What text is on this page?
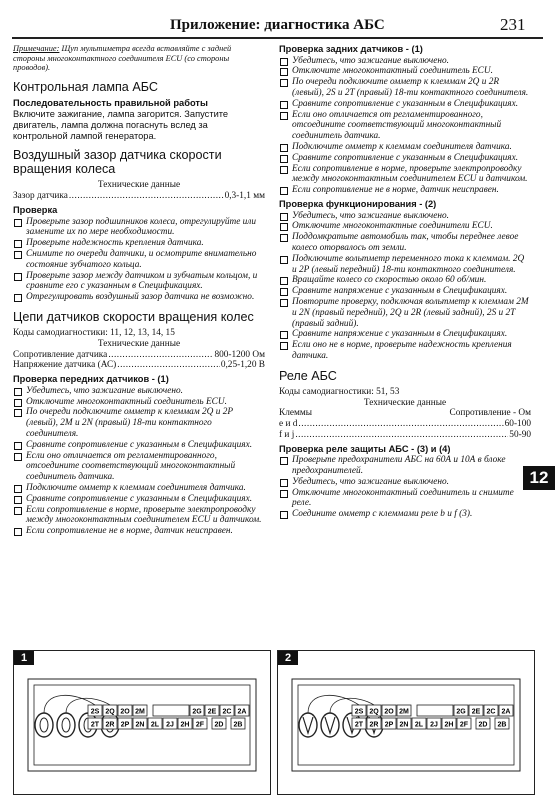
Приложение: диагностика АБС	231
Примечание: Щуп мультиметра всегда вставляйте с задней стороны многоконтактного соединителя ECU (со стороны проводов).
Контрольная лампа АБС
Последовательность правильной работы

Включите зажигание, лампа загорится. Запустите двигатель, лампа должна погаснуть вслед за контрольной лампой генератора.

Воздушный зазор датчика скорости вращения колеса
Технические данные
Зазор датчика .....	0,3-1,1 мм
Проверка
Проверьте зазор подшипников колеса, отрегулируйте или замените их по мере необходимости.
Проверьте надежность крепления датчика.
Снимите по очереди датчики, и осмотрите внимательно состояние зубчатого кольца.
Проверьте зазор между датчиком и зубчатым кольцом, и сравните его с указанным в Спецификациях.
Отрегулировать воздушный зазор датчика не возможно.
Цепи датчиков скорости вращения колес
Коды самодиагностики: 11, 12, 13, 14, 15
Технические данные
Сопротивление датчика .....	800-1200 Ом
Напряжение датчика (АС) .....	0,25-1,20 В
Проверка передних датчиков - (1)
Убедитесь, что зажигание выключено.
Отключите многоконтактный соединитель ECU.
По очереди подключите омметр к клеммам 2Q и 2P (левый), 2M и 2N (правый) 18-ти контактного соединителя.
Сравните сопротивление с указанным в Спецификациях.
Если оно отличается от регламентированного, отсоедините соответствующий многоконтактный соединитель датчика.
Подключите омметр к клеммам соединителя датчика.
Сравните сопротивление с указанным в Спецификациях.
Если сопротивление в норме, проверьте электропроводку между многоконтактным соединителем ECU и датчиком.
Если сопротивление не в норме, датчик неисправен.
Проверка задних датчиков - (1)
Убедитесь, что зажигание выключено.
Отключите многоконтактный соединитель ECU.
По очереди подключите омметр к клеммам 2Q и 2R (левый), 2S и 2T (правый) 18-ти контактного соединителя.
Сравните сопротивление с указанным в Спецификациях.
Если оно отличается от регламентированного, отсоедините соответствующий многоконтактный соединитель датчика.
Подключите омметр к клеммам соединителя датчика.
Сравните сопротивление с указанным в Спецификациях.
Если сопротивление в норме, проверьте электропроводку между многоконтактным соединителем ECU и датчиком.
Если сопротивление не в норме, датчик неисправен.
Проверка функционирования - (2)
Убедитесь, что зажигание выключено.
Отключите многоконтактные соединители ECU.
Поддомкратьте автомобиль так, чтобы переднее левое колесо оторвалось от земли.
Подключите вольтметр переменного тока к клеммам. 2Q и 2P (левый передний) 18-ти контактного соединителя.
Вращайте колесо со скоростью около 60 об/мин.
Сравните напряжение с указанным в Спецификациях.
Повторите проверку, подключая вольтметр к клеммам 2M и 2N (правый передний), 2Q и 2R (левый задний), 2S и 2T (правый задний).
Сравните напряжение с указанным в Спецификациях.
Если оно не в норме, проверьте надежность крепления датчика.
Реле АБС
Коды самодиагностики: 51, 53
Технические данные
Клеммы	Сопротивление - Ом
е и d .....	60-100
f и j .....	50-90
Проверка реле защиты АБС - (3) и (4)
Проверьте предохранители АБС на 60А и 10А в блоке предохранителей.
Убедитесь, что зажигание выключено.
Отключите многоконтактный соединитель и снимите реле.
Соедините омметр с клеммами реле b и f (3).
12
1
2S 2Q 2O 2M	2G 2E 2C 2A
2T 2R 2P 2N 2L 2J 2H 2F 2D 2B
2
2S 2Q 2O 2M	2G 2E 2C 2A
2T 2R 2P 2N 2L 2J 2H 2F 2D 2B
